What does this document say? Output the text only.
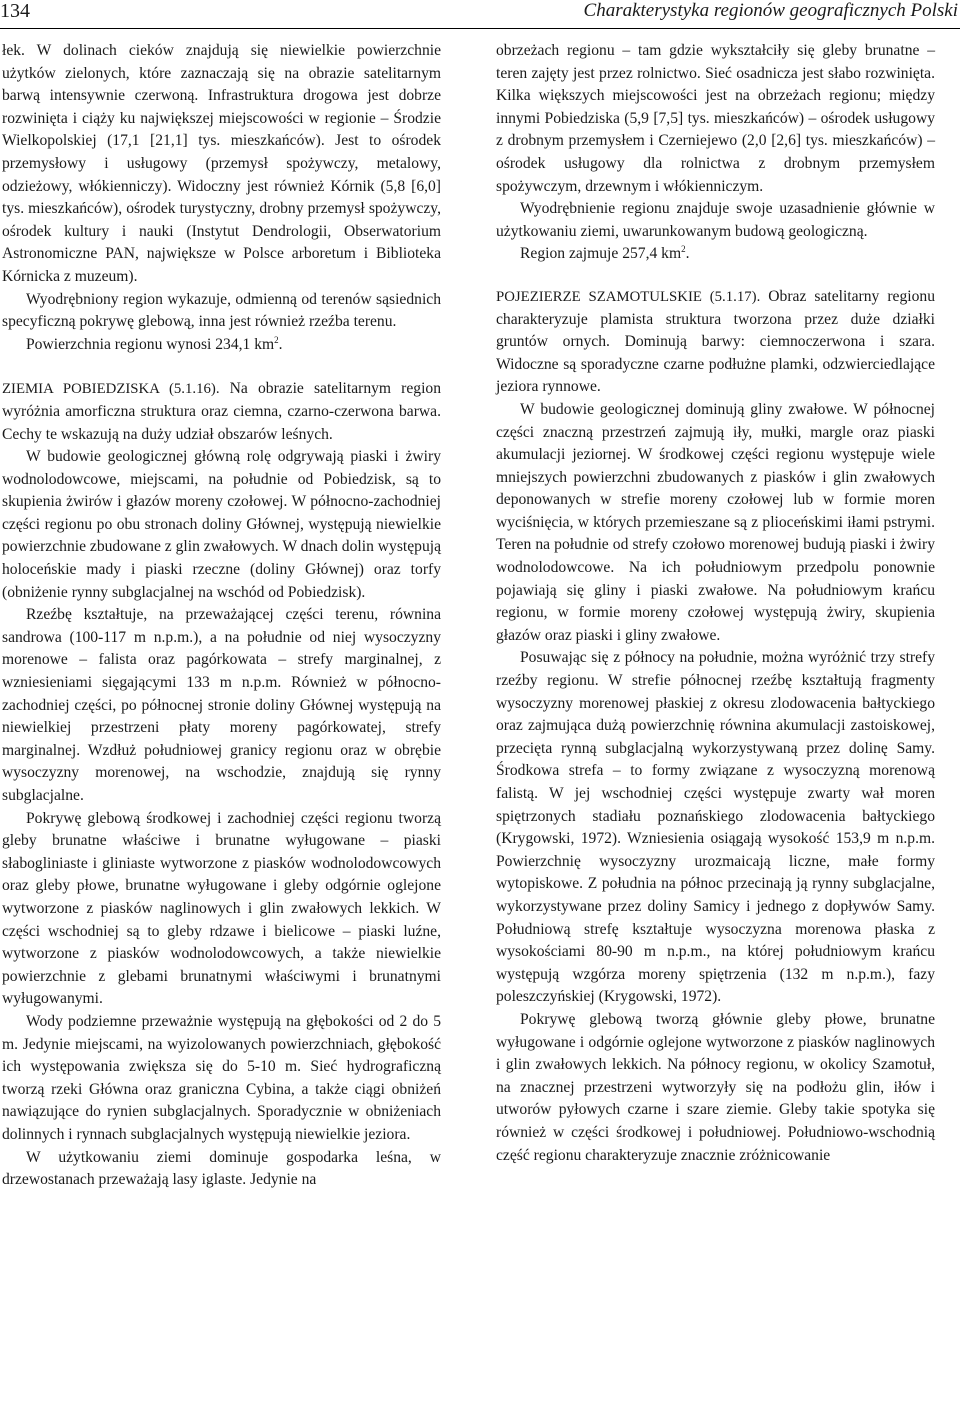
134	Charakterystyka regionów geograficznych Polski

łek. W dolinach cieków znajdują się niewielkie powierzchnie użytków zielonych, które zaznaczają się na obrazie satelitarnym barwą intensywnie czerwoną. Infrastruktura drogowa jest dobrze rozwinięta i ciąży ku największej miejscowości w regionie – Środzie Wielkopolskiej (17,1 [21,1] tys. mieszkańców). Jest to ośrodek przemysłowy i usługowy (przemysł spożywczy, metalowy, odzieżowy, włókienniczy). Widoczny jest również Kórnik (5,8 [6,0] tys. mieszkańców), ośrodek turystyczny, drobny przemysł spożywczy, ośrodek kultury i nauki (Instytut Dendrologii, Obserwatorium Astronomiczne PAN, największe w Polsce arboretum i Biblioteka Kórnicka z muzeum).

Wyodrębniony region wykazuje, odmienną od terenów sąsiednich specyficzną pokrywę glebową, inna jest również rzeźba terenu.

Powierzchnia regionu wynosi 234,1 $km^2$.

ZIEMIA POBIEDZISKA (5.1.16). Na obrazie satelitarnym region wyróżnia amorficzna struktura oraz ciemna, czarno-czerwona barwa. Cechy te wskazują na duży udział obszarów leśnych.

W budowie geologicznej główną rolę odgrywają piaski i żwiry wodnolodowcowe, miejscami, na południe od Pobiedzisk, są to skupienia żwirów i głazów moreny czołowej. W północno-zachodniej części regionu po obu stronach doliny Głównej, występują niewielkie powierzchnie zbudowane z glin zwałowych. W dnach dolin występują holoceńskie mady i piaski rzeczne (doliny Głównej) oraz torfy (obniżenie rynny subglacjalnej na wschód od Pobiedzisk).

Rzeźbę kształtuje, na przeważającej części terenu, równina sandrowa (100-117 m n.p.m.), a na południe od niej wysoczyzny morenowe – falista oraz pagórkowata – strefy marginalnej, z wzniesieniami sięgającymi 133 m n.p.m. Również w północno-zachodniej części, po północnej stronie doliny Głównej występują na niewielkiej przestrzeni płaty moreny pagórkowatej, strefy marginalnej. Wzdłuż południowej granicy regionu oraz w obrębie wysoczyzny morenowej, na wschodzie, znajdują się rynny subglacjalne.

Pokrywę glebową środkowej i zachodniej części regionu tworzą gleby brunatne właściwe i brunatne wyługowane – piaski słabogliniaste i gliniaste wytworzone z piasków wodnolodowcowych oraz gleby płowe, brunatne wyługowane i gleby odgórnie oglejone wytworzone z piasków naglinowych i glin zwałowych lekkich. W części wschodniej są to gleby rdzawe i bielicowe – piaski luźne, wytworzone z piasków wodnolodowcowych, a także niewielkie powierzchnie z glebami brunatnymi właściwymi i brunatnymi wyługowanymi.

Wody podziemne przeważnie występują na głębokości od 2 do 5 m. Jedynie miejscami, na wyizolowanych powierzchniach, głębokość ich występowania zwiększa się do 5-10 m. Sieć hydrograficzną tworzą rzeki Główna oraz graniczna Cybina, a także ciągi obniżeń nawiązujące do rynien subglacjalnych. Sporadycznie w obniżeniach dolinnych i rynnach subglacjalnych występują niewielkie jeziora.

W użytkowaniu ziemi dominuje gospodarka leśna, w drzewostanach przeważają lasy iglaste. Jedynie na

obrzeżach regionu – tam gdzie wykształciły się gleby brunatne – teren zajęty jest przez rolnictwo. Sieć osadnicza jest słabo rozwinięta. Kilka większych miejscowości jest na obrzeżach regionu; między innymi Pobiedziska (5,9 [7,5] tys. mieszkańców) – ośrodek usługowy z drobnym przemysłem i Czerniejewo (2,0 [2,6] tys. mieszkańców) – ośrodek usługowy dla rolnictwa z drobnym przemysłem spożywczym, drzewnym i włókienniczym.

Wyodrębnienie regionu znajduje swoje uzasadnienie głównie w użytkowaniu ziemi, uwarunkowanym budową geologiczną.

Region zajmuje 257,4 $km^2$.

POJEZIERZE SZAMOTULSKIE (5.1.17). Obraz satelitarny regionu charakteryzuje plamista struktura tworzona przez duże działki gruntów ornych. Dominują barwy: ciemnoczerwona i szara. Widoczne są sporadyczne czarne podłużne plamki, odzwierciedlające jeziora rynnowe.

W budowie geologicznej dominują gliny zwałowe. W północnej części znaczną przestrzeń zajmują iły, mułki, margle oraz piaski akumulacji jeziornej. W środkowej części regionu występuje wiele mniejszych powierzchni zbudowanych z piasków i glin zwałowych deponowanych w strefie moreny czołowej lub w formie moren wyciśnięcia, w których przemieszane są z plioceńskimi iłami pstrymi. Teren na południe od strefy czołowo morenowej budują piaski i żwiry wodnolodowcowe. Na ich południowym przedpolu ponownie pojawiają się gliny i piaski zwałowe. Na południowym krańcu regionu, w formie moreny czołowej występują żwiry, skupienia głazów oraz piaski i gliny zwałowe.

Posuwając się z północy na południe, można wyróżnić trzy strefy rzeźby regionu. W strefie północnej rzeźbę kształtują fragmenty wysoczyzny morenowej płaskiej z okresu zlodowacenia bałtyckiego oraz zajmująca dużą powierzchnię równina akumulacji zastoiskowej, przecięta rynną subglacjalną wykorzystywaną przez dolinę Samy. Środkowa strefa – to formy związane z wysoczyzną morenową falistą. W jej wschodniej części występuje zwarty wał moren spiętrzonych stadiału poznańskiego zlodowacenia bałtyckiego (Krygowski, 1972). Wzniesienia osiągają wysokość 153,9 m n.p.m. Powierzchnię wysoczyzny urozmaicają liczne, małe formy wytopiskowe. Z południa na północ przecinają ją rynny subglacjalne, wykorzystywane przez doliny Samicy i jednego z dopływów Samy. Południową strefę kształtuje wysoczyzna morenowa płaska z wysokościami 80-90 m n.p.m., na której południowym krańcu występują wzgórza moreny spiętrzenia (132 m n.p.m.), fazy poleszczyńskiej (Krygowski, 1972).

Pokrywę glebową tworzą głównie gleby płowe, brunatne wyługowane i odgórnie oglejone wytworzone z piasków naglinowych i glin zwałowych lekkich. Na północy regionu, w okolicy Szamotuł, na znacznej przestrzeni wytworzyły się na podłożu glin, iłów i utworów pyłowych czarne i szare ziemie. Gleby takie spotyka się również w części środkowej i południowej. Południowo-wschodnią część regionu charakteryzuje znacznie zróżnicowanie
